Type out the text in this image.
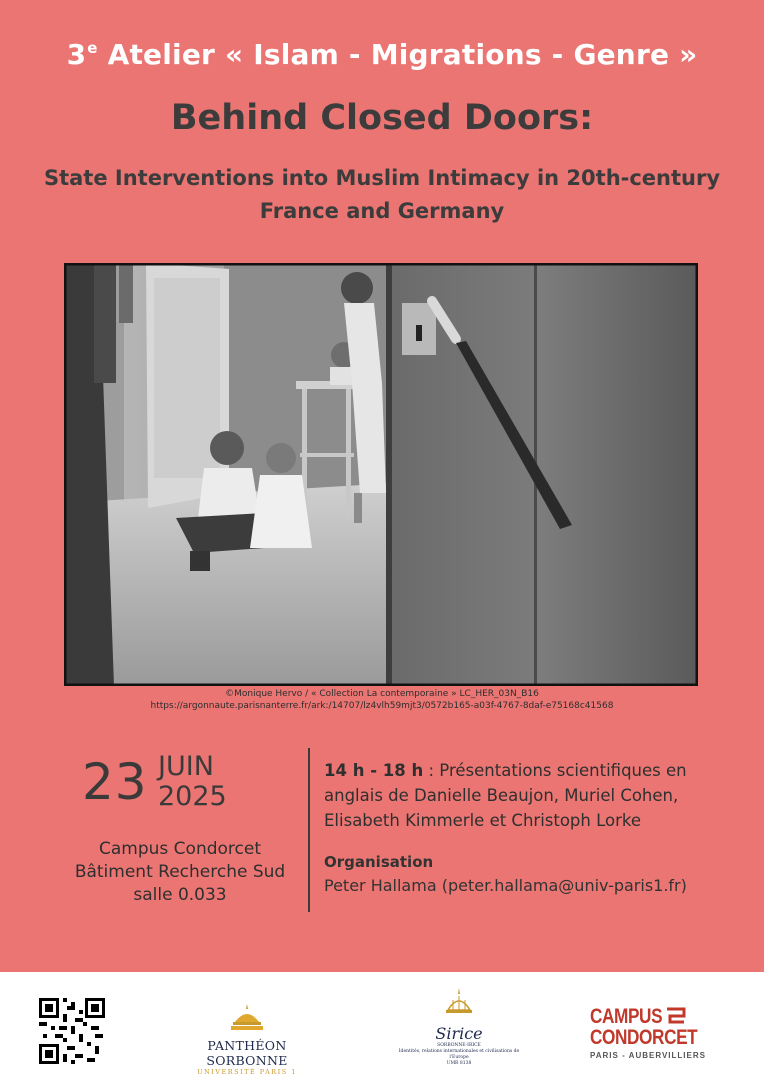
3e Atelier « Islam - Migrations - Genre »
Behind Closed Doors:
State Interventions into Muslim Intimacy in 20th-century
France and Germany
©Monique Hervo / « Collection La contemporaine » LC_HER_03N_B16
https://argonnaute.parisnanterre.fr/ark:/14707/lz4vlh59mjt3/0572b165-a03f-4767-8daf-e75168c41568
23 JUIN
2025
Campus Condorcet
Bâtiment Recherche Sud
salle 0.033
14 h - 18 h : Présentations scientifiques en anglais de Danielle Beaujon, Muriel Cohen, Elisabeth Kimmerle et Christoph Lorke
Organisation
Peter Hallama (peter.hallama@univ-paris1.fr)
PANTHÉON SORBONNE
UNIVERSITÉ PARIS 1
Sirice
SORBONNE-IRICE
Identités, relations internationales et civilisations de l'Europe
UMR 8138
CAMPUS
CONDORCET
PARIS - AUBERVILLIERS
